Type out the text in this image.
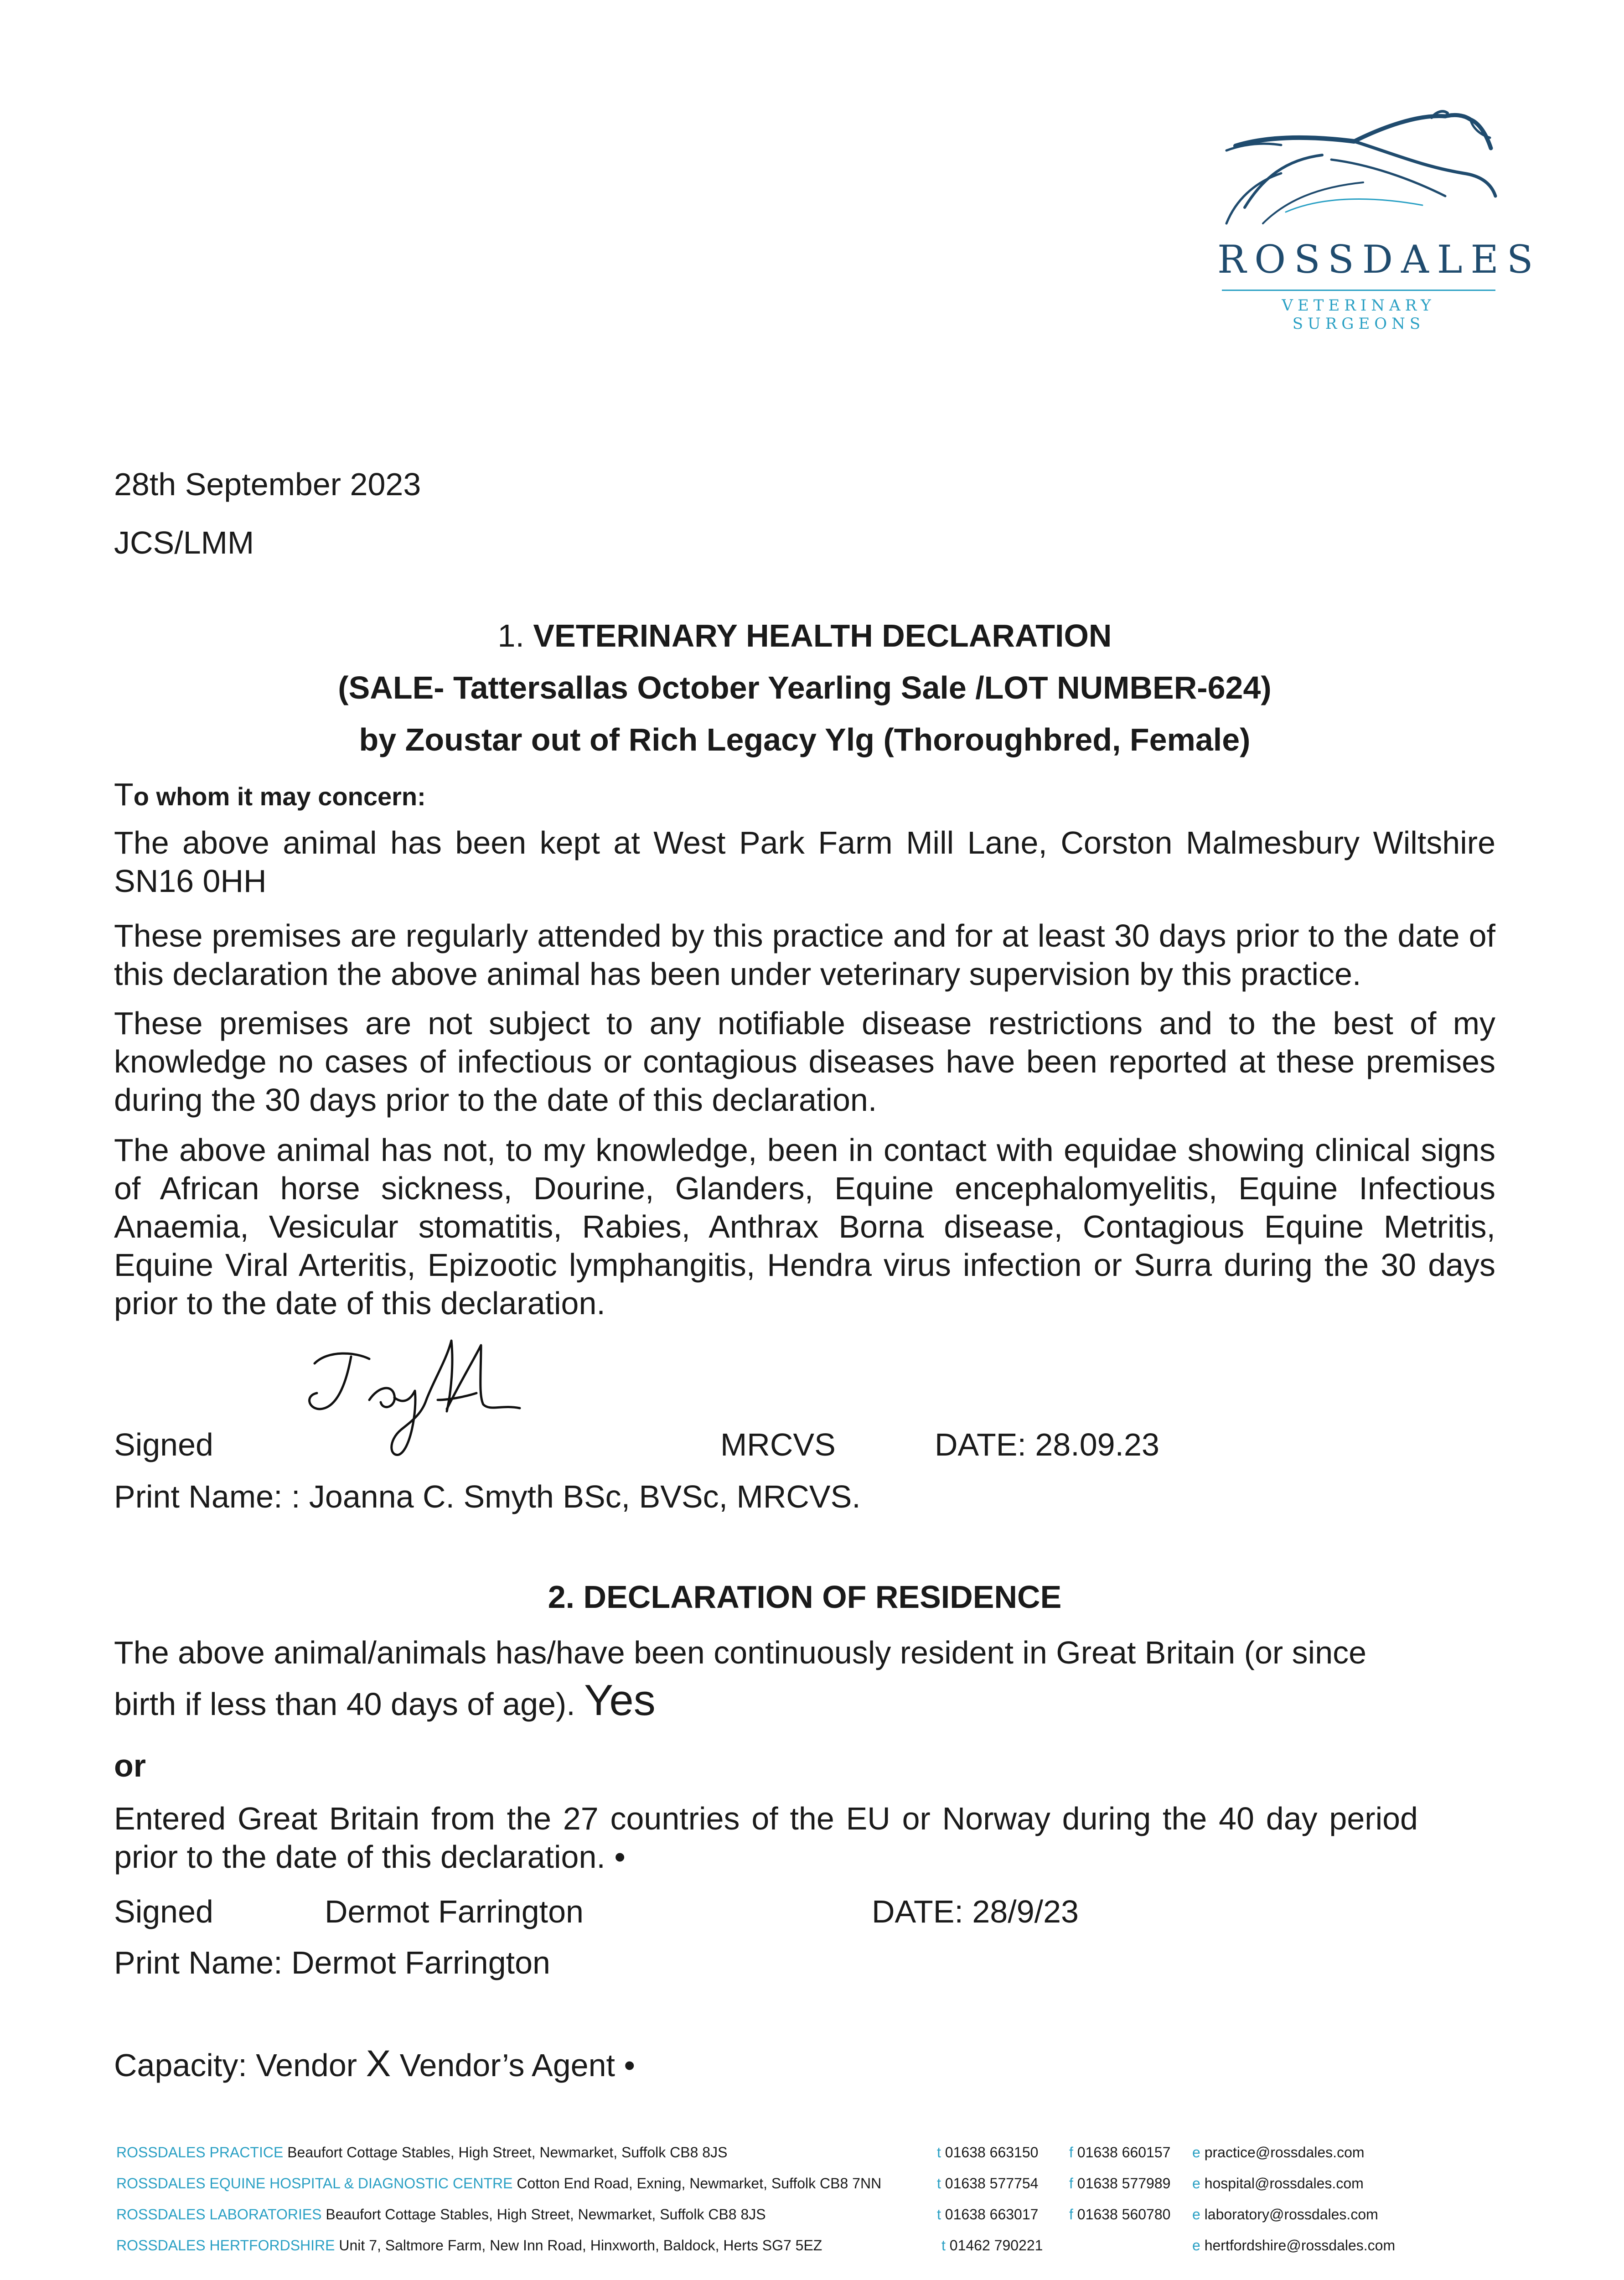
ROSSDALES
VETERINARY SURGEONS
28th September 2023
JCS/LMM
1. VETERINARY HEALTH DECLARATION
(SALE- Tattersallas October Yearling Sale /LOT NUMBER-624)
by Zoustar out of Rich Legacy Ylg (Thoroughbred, Female)
To whom it may concern:
The above animal has been kept at West Park Farm Mill Lane, Corston Malmesbury Wiltshire SN16 0HH
These premises are regularly attended by this practice and for at least 30 days prior to the date of this declaration the above animal has been under veterinary supervision by this practice.
These premises are not subject to any notifiable disease restrictions and to the best of my knowledge no cases of infectious or contagious diseases have been reported at these premises during the 30 days prior to the date of this declaration.
The above animal has not, to my knowledge, been in contact with equidae showing clinical signs of African horse sickness, Dourine, Glanders, Equine encephalomyelitis, Equine Infectious Anaemia, Vesicular stomatitis, Rabies, Anthrax Borna disease, Contagious Equine Metritis, Equine Viral Arteritis, Epizootic lymphangitis, Hendra virus infection or Surra during the 30 days prior to the date of this declaration.
Signed	MRCVS	DATE: 28.09.23
Print Name: : Joanna C. Smyth BSc, BVSc, MRCVS.
2. DECLARATION OF RESIDENCE
The above animal/animals has/have been continuously resident in Great Britain (or since
birth if less than 40 days of age). Yes
or
Entered Great Britain from the 27 countries of the EU or Norway during the 40 day period prior to the date of this declaration. •
Signed	Dermot Farrington	DATE: 28/9/23
Print Name: Dermot Farrington
Capacity: Vendor X Vendor’s Agent •
ROSSDALES PRACTICE Beaufort Cottage Stables, High Street, Newmarket, Suffolk CB8 8JS	t 01638 663150 f 01638 660157 e practice@rossdales.com
ROSSDALES EQUINE HOSPITAL & DIAGNOSTIC CENTRE Cotton End Road, Exning, Newmarket, Suffolk CB8 7NN	t 01638 577754 f 01638 577989 e hospital@rossdales.com
ROSSDALES LABORATORIES Beaufort Cottage Stables, High Street, Newmarket, Suffolk CB8 8JS	t 01638 663017 f 01638 560780 e laboratory@rossdales.com
ROSSDALES HERTFORDSHIRE Unit 7, Saltmore Farm, New Inn Road, Hinxworth, Baldock, Herts SG7 5EZ	t 01462 790221	e hertfordshire@rossdales.com
